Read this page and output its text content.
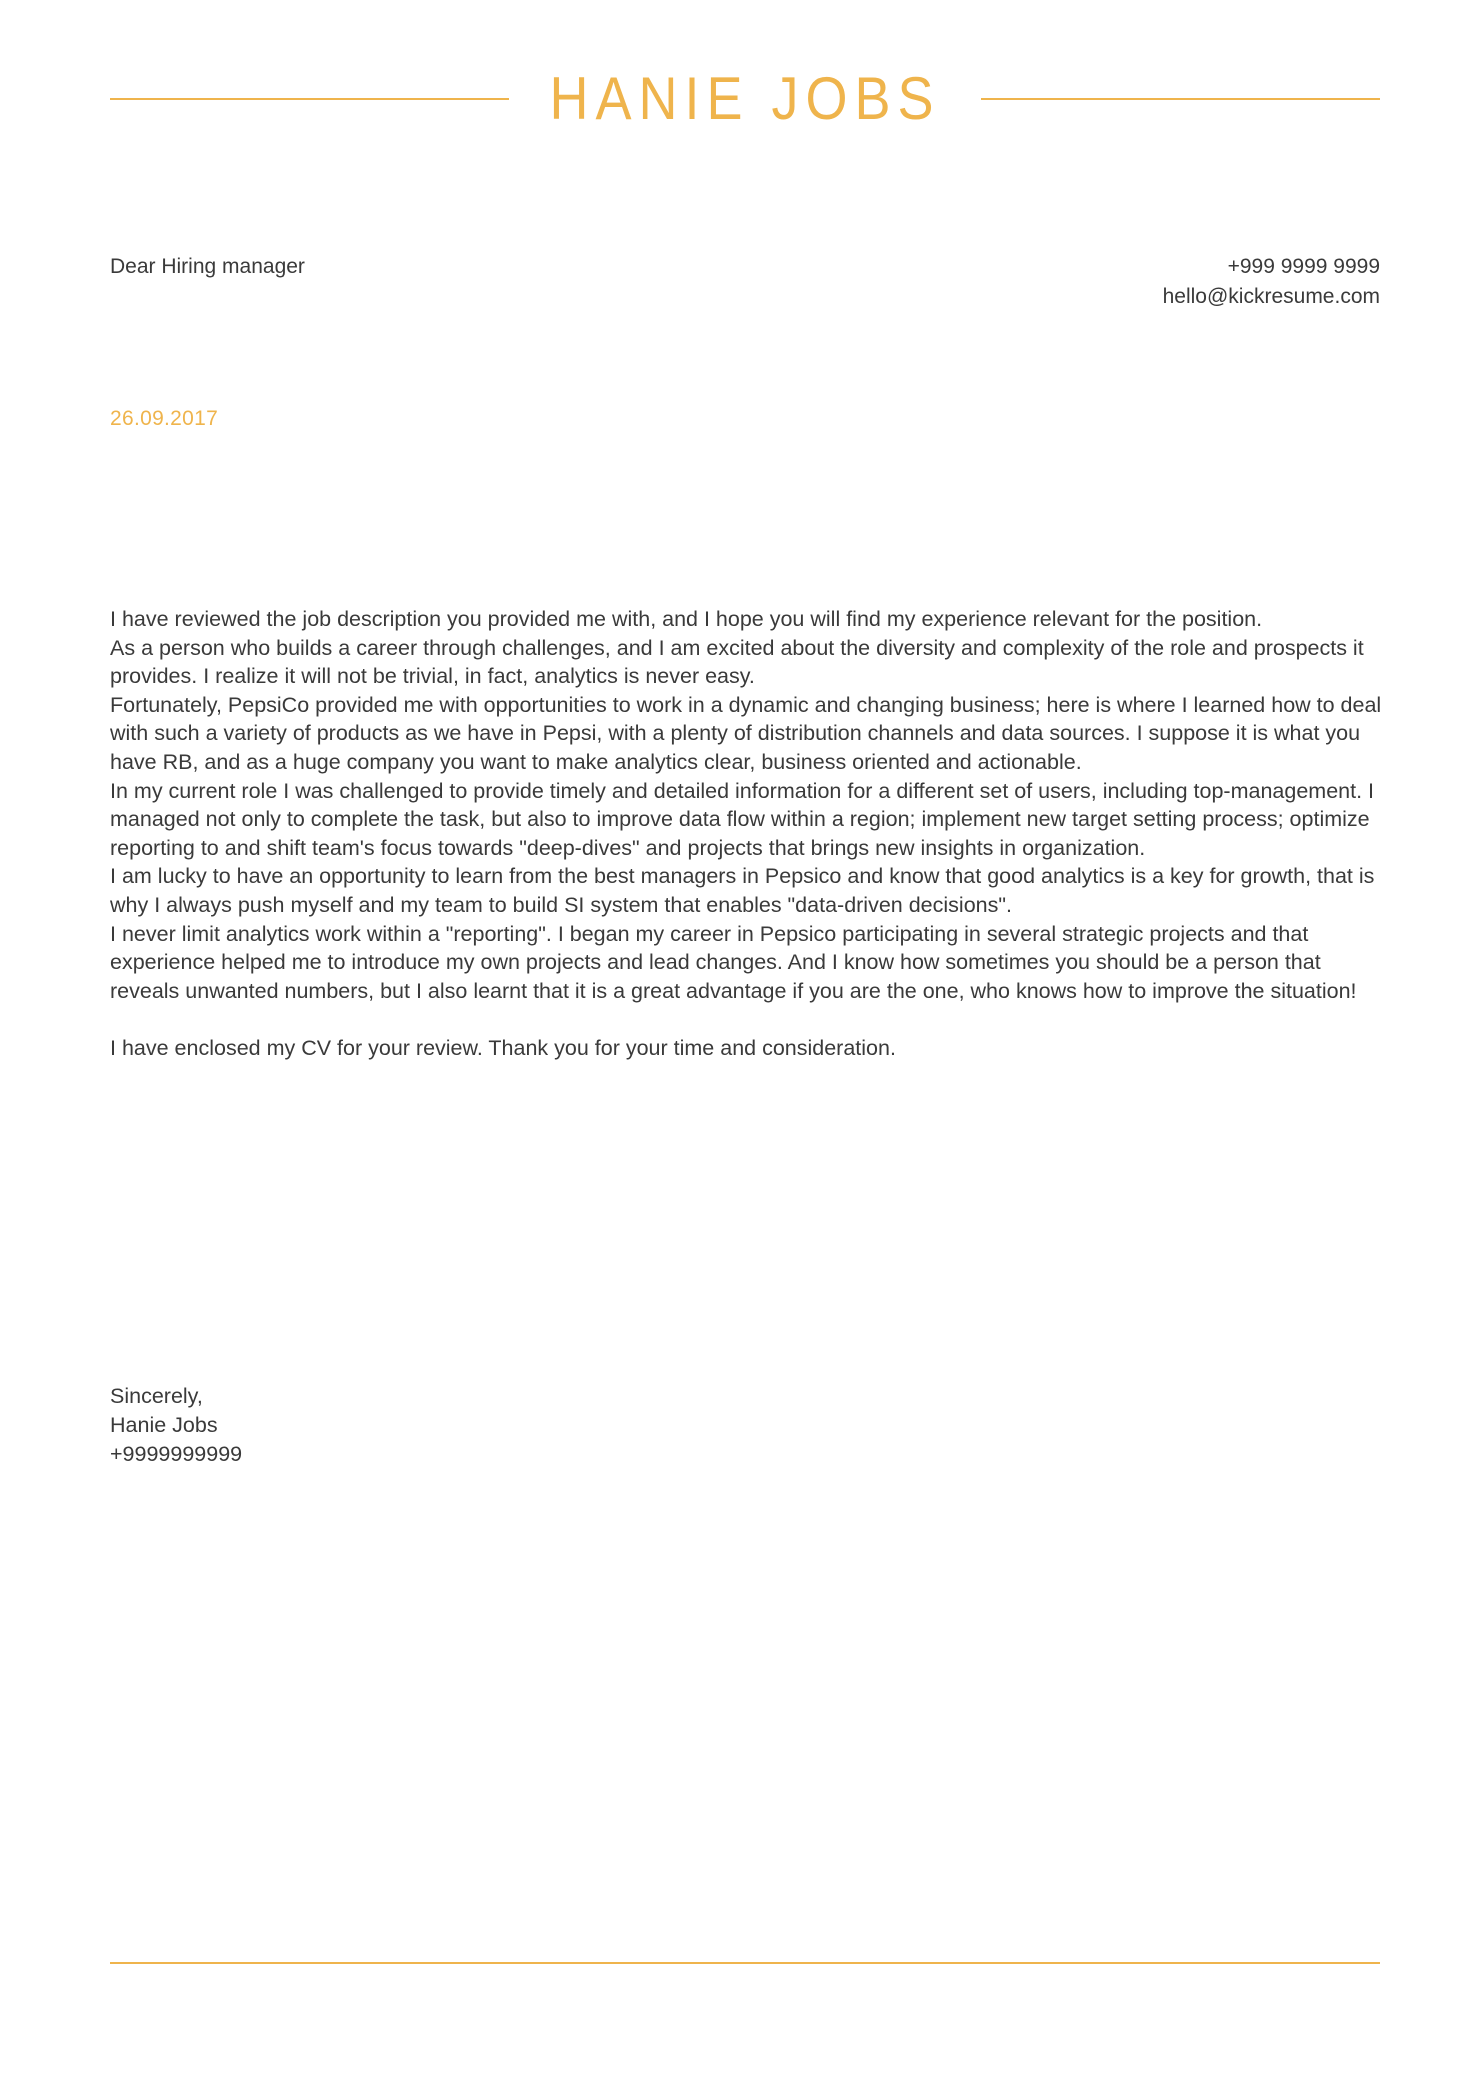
HANIE JOBS
Dear Hiring manager	+999 9999 9999
hello@kickresume.com
26.09.2017

I have reviewed the job description you provided me with, and I hope you will find my experience relevant for the position.

As a person who builds a career through challenges, and I am excited about the diversity and complexity of the role and prospects it provides. I realize it will not be trivial, in fact, analytics is never easy.

Fortunately, PepsiCo provided me with opportunities to work in a dynamic and changing business; here is where I learned how to deal with such a variety of products as we have in Pepsi, with a plenty of distribution channels and data sources. I suppose it is what you have RB, and as a huge company you want to make analytics clear, business oriented and actionable.

In my current role I was challenged to provide timely and detailed information for a different set of users, including top-management. I managed not only to complete the task, but also to improve data flow within a region; implement new target setting process; optimize reporting to and shift team's focus towards "deep-dives" and projects that brings new insights in organization.

I am lucky to have an opportunity to learn from the best managers in Pepsico and know that good analytics is a key for growth, that is why I always push myself and my team to build SI system that enables "data-driven decisions".

I never limit analytics work within a "reporting". I began my career in Pepsico participating in several strategic projects and that experience helped me to introduce my own projects and lead changes. And I know how sometimes you should be a person that reveals unwanted numbers, but I also learnt that it is a great advantage if you are the one, who knows how to improve the situation!

I have enclosed my CV for your review. Thank you for your time and consideration.

Sincerely,
Hanie Jobs
+9999999999
